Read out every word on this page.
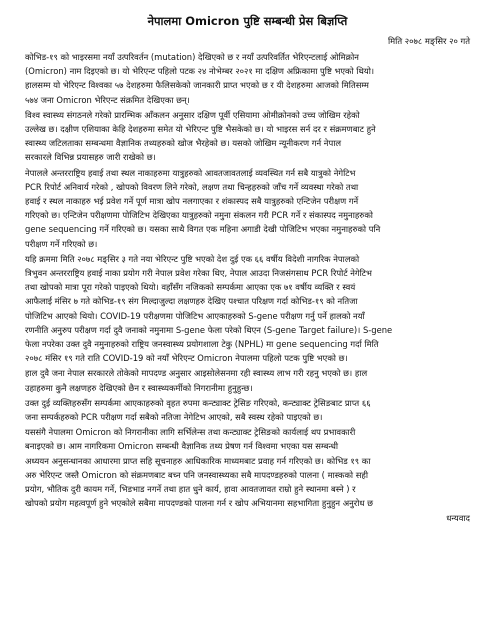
नेपालमा Omicron पुष्टि सम्बन्धी प्रेस बिज्ञप्ति
मिति २०७८ मङ्सिर २० गते
कोभिड-१९ को भाइरसमा नयाँ उत्परिवर्तन (mutation) देखिएको छ र नयाँ उत्परिवर्तित भेरिएन्टलाई ओमिक्रोन
(Omicron) नाम दिइएको छ। यो भेरिएन्ट पहिलो पटक २४ नोभेम्बर २०२१ मा दक्षिण अफ्रिकामा पुष्टि भएको थियो।
हालसम्म यो भेरिएन्ट विश्वका ५७ देशहरुमा फैलिसकेको जानकारी प्राप्त भएको छ र यी देशहरुमा आजको मितिसम्म
५७४ जना Omicron भेरिएन्ट संक्रमित देखिएका छन्।
विश्व स्वास्थ्य संगठनले गरेको प्रारम्भिक आँकलन अनुसार दक्षिण पूर्वी एसियामा ओमीक्रोनको उच्च जोखिम रहेको
उल्लेख छ। दक्षीण एशियाका केहि देशहरुमा समेत यो भेरिएन्ट पुष्टि भैसकेको छ। यो भाइरस सर्न दर र संक्रमणबाट हुने
स्वास्थ्य जटिलताका सम्बन्धमा वैज्ञानिक तथ्यहरुको खोज भैरहेको छ। यसको जोखिम न्यूनीकरण गर्न नेपाल
सरकारले विभिन्न प्रयासहरु जारी राखेको छ।
नेपालले अन्तरराष्ट्रिय हवाई तथा स्थल नाकाहरुमा यात्रुहरुको आवतजावतलाई व्यवस्थित गर्न सबै यात्रुको नेगेटिभ
PCR रिपोर्ट अनिवार्य गरेको , खोपको विवरण लिने गरेको, लक्षण तथा चिन्हहरुको जाँच गर्ने व्यवस्था गरेको तथा
हवाई र स्थल नाकाहरु भई प्रवेश गर्ने पूर्ण मात्रा खोप नलगाएका र शंकास्पद सबै यात्रुहरुको एन्टिजेन परीक्षण गर्ने
गरिएको छ। एन्टिजेन परीक्षणमा पोजिटिभ देखिएका यात्रुहरुको नमुना संकलन गरी PCR गर्ने र संकास्पद नमुनाहरुको
gene sequencing गर्ने गरिएको छ। यसका साथै विगत एक महिना अगाडी देखी पोजिटिभ भएका नमुनाहरुको पनि
परीक्षण गर्ने गरिएको छ।
यहि क्रममा मिति २०७८ मङ्सिर ३ गते नया भेरिएन्ट पुष्टि भएको देश दुई एक ६६ वर्षीय विदेशी नागरिक नेपालको
त्रिभुवन अन्तरराष्ट्रिय हवाई नाका प्रयोग गरी नेपाल प्रवेश गरेका थिए, नेपाल आउदा निजसंगसाथ PCR रिपोर्ट नेगेटिभ
तथा खोपको मात्रा पूरा गरेको पाइएको थियो। वहाँसँग नजिकको सम्पर्कमा आएका एक ७१ वर्षीय व्यक्ति र स्वयं
आफैलाई मंसिर ७ गते कोभिड-१९ संग मिल्दाजुल्दा लक्षणहरु देखिए पश्चात परिक्षण गर्दा कोभिड-१९ को नतिजा
पोजिटिभ आएको थियो। COVID-19 परीक्षणमा पोजिटिभ आएकाहरुको S-gene परीक्षण गर्नु पर्ने हालको नयाँ
रणनीति अनुरुप परीक्षण गर्दा दुवै जनाको नमुनामा S-gene फेला परेको थिएन (S-gene Target failure)। S-gene
फेला नपरेका उक्त दुवै नमुनाहरुको राष्ट्रिय जनस्वास्थ्य प्रयोगशाला टेकु (NPHL) मा gene sequencing गर्दा मिति
२०७८ मंसिर १९ गते राति COVID-19 को नयाँ भेरिएन्ट Omicron नेपालमा पहिलो पटक पुष्टि भएको छ।
हाल दुवै जना नेपाल सरकारले तोकेको मापदण्ड अनुसार आइसोलेसनमा रही स्वास्थ्य लाभ गरी रहनु भएको छ। हाल
उहाहरुमा कुनै लक्षणहरु देखिएको छैन र स्वास्थ्यकर्मीको निगरानीमा हुनुहुन्छ।
उक्त दुई व्यक्तिहरुसँग सम्पर्कमा आएकाहरुको वृहत रुपमा कन्ट्याक्ट ट्रेसिङ गरिएको, कन्ट्याक्ट ट्रेसिङबाट प्राप्त ६६
जना सम्पर्कहरुको PCR परीक्षण गर्दा सबैको नतिजा नेगेटिभ आएको, सबै स्वस्थ रहेको पाइएको छ।
यससंगै नेपालमा Omicron को निगरानीका लागि सर्भिलेन्स तथा कन्ट्याक्ट ट्रेसिङको कार्यलाई थप प्रभावकारी
बनाइएको छ। आम नागरिकमा Omicron सम्बन्धी वैज्ञानिक तथ्य प्रेषण गर्न विश्वमा भएका यस सम्बन्धी
अध्ययन अनुसन्धानका आधारमा प्राप्त सहि सूचनाहरु आधिकारिक माध्यमबाट प्रवाह गर्न गरिएको छ। कोभिड १९ का
अरु भेरिएन्ट जस्तै Omicron को संक्रमणबाट बच्न पनि जनस्वास्थ्यका सबै मापदण्डहरुको पालना ( मास्कको सही
प्रयोग, भौतिक दुरी कायम गर्ने, भिडभाड नगर्ने तथा हात धुने कार्य, हावा आवतजावत राम्रो हुने स्थानमा बस्ने ) र
खोपको प्रयोग महत्वपूर्ण हुने भएकोले सबैमा मापदण्डको पालना गर्न र खोप अभियानमा सहभागिता हुनुहुन अनुरोध छ
धन्यवाद
